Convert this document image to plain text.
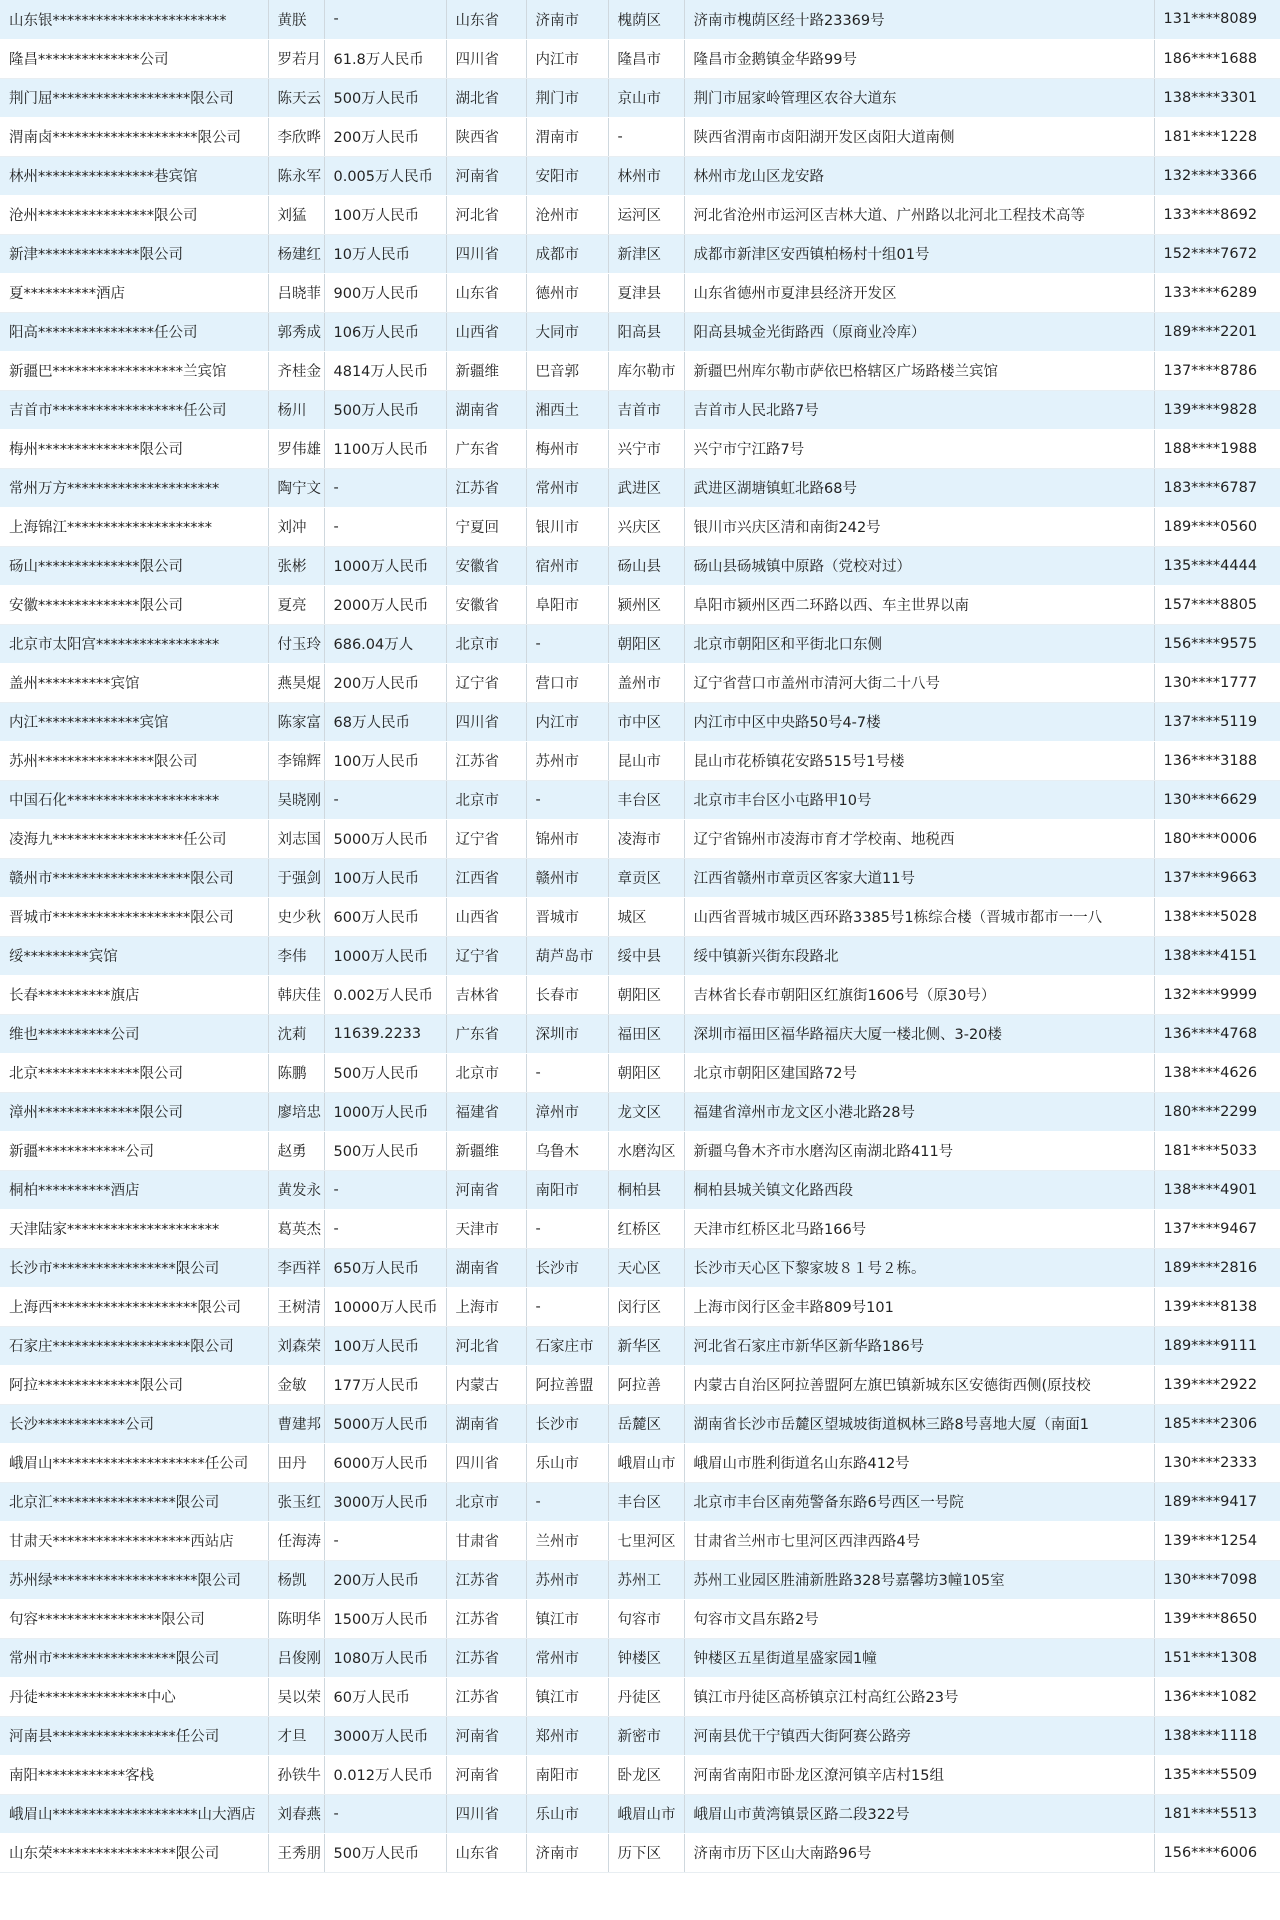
山东银************************	黄朕	-	山东省	济南市	槐荫区	济南市槐荫区经十路23369号	131****8089
隆昌**************公司	罗若月	61.8万人民币	四川省	内江市	隆昌市	隆昌市金鹅镇金华路99号	186****1688
荆门屈*******************限公司	陈天云	500万人民币	湖北省	荆门市	京山市	荆门市屈家岭管理区农谷大道东	138****3301
渭南卤********************限公司	李欣晔	200万人民币	陕西省	渭南市	-	陕西省渭南市卤阳湖开发区卤阳大道南侧	181****1228
林州****************巷宾馆	陈永军	0.005万人民币	河南省	安阳市	林州市	林州市龙山区龙安路	132****3366
沧州****************限公司	刘猛	100万人民币	河北省	沧州市	运河区	河北省沧州市运河区吉林大道、广州路以北河北工程技术高等	133****8692
新津**************限公司	杨建红	10万人民币	四川省	成都市	新津区	成都市新津区安西镇柏杨村十组01号	152****7672
夏**********酒店	吕晓菲	900万人民币	山东省	德州市	夏津县	山东省德州市夏津县经济开发区	133****6289
阳高****************任公司	郭秀成	106万人民币	山西省	大同市	阳高县	阳高县城金光街路西（原商业冷库）	189****2201
新疆巴******************兰宾馆	齐桂金	4814万人民币	新疆维	巴音郭	库尔勒市	新疆巴州库尔勒市萨依巴格辖区广场路楼兰宾馆	137****8786
吉首市******************任公司	杨川	500万人民币	湖南省	湘西土	吉首市	吉首市人民北路7号	139****9828
梅州**************限公司	罗伟雄	1100万人民币	广东省	梅州市	兴宁市	兴宁市宁江路7号	188****1988
常州万方*********************	陶宁文	-	江苏省	常州市	武进区	武进区湖塘镇虹北路68号	183****6787
上海锦江********************	刘冲	-	宁夏回	银川市	兴庆区	银川市兴庆区清和南街242号	189****0560
砀山**************限公司	张彬	1000万人民币	安徽省	宿州市	砀山县	砀山县砀城镇中原路（党校对过）	135****4444
安徽**************限公司	夏亮	2000万人民币	安徽省	阜阳市	颍州区	阜阳市颍州区西二环路以西、车主世界以南	157****8805
北京市太阳宫*****************	付玉玲	686.04万人	北京市	-	朝阳区	北京市朝阳区和平街北口东侧	156****9575
盖州**********宾馆	燕昊焜	200万人民币	辽宁省	营口市	盖州市	辽宁省营口市盖州市清河大街二十八号	130****1777
内江**************宾馆	陈家富	68万人民币	四川省	内江市	市中区	内江市中区中央路50号4-7楼	137****5119
苏州****************限公司	李锦辉	100万人民币	江苏省	苏州市	昆山市	昆山市花桥镇花安路515号1号楼	136****3188
中国石化*********************	吴晓刚	-	北京市	-	丰台区	北京市丰台区小屯路甲10号	130****6629
凌海九******************任公司	刘志国	5000万人民币	辽宁省	锦州市	凌海市	辽宁省锦州市凌海市育才学校南、地税西	180****0006
赣州市*******************限公司	于强剑	100万人民币	江西省	赣州市	章贡区	江西省赣州市章贡区客家大道11号	137****9663
晋城市*******************限公司	史少秋	600万人民币	山西省	晋城市	城区	山西省晋城市城区西环路3385号1栋综合楼（晋城市都市一一八	138****5028
绥*********宾馆	李伟	1000万人民币	辽宁省	葫芦岛市	绥中县	绥中镇新兴街东段路北	138****4151
长春**********旗店	韩庆佳	0.002万人民币	吉林省	长春市	朝阳区	吉林省长春市朝阳区红旗街1606号（原30号）	132****9999
维也**********公司	沈莉	11639.2233	广东省	深圳市	福田区	深圳市福田区福华路福庆大厦一楼北侧、3-20楼	136****4768
北京**************限公司	陈鹏	500万人民币	北京市	-	朝阳区	北京市朝阳区建国路72号	138****4626
漳州**************限公司	廖培忠	1000万人民币	福建省	漳州市	龙文区	福建省漳州市龙文区小港北路28号	180****2299
新疆************公司	赵勇	500万人民币	新疆维	乌鲁木	水磨沟区	新疆乌鲁木齐市水磨沟区南湖北路411号	181****5033
桐柏**********酒店	黄发永	-	河南省	南阳市	桐柏县	桐柏县城关镇文化路西段	138****4901
天津陆家*********************	葛英杰	-	天津市	-	红桥区	天津市红桥区北马路166号	137****9467
长沙市*****************限公司	李西祥	650万人民币	湖南省	长沙市	天心区	长沙市天心区下黎家坡８１号２栋。	189****2816
上海西********************限公司	王树清	10000万人民币	上海市	-	闵行区	上海市闵行区金丰路809号101	139****8138
石家庄*******************限公司	刘森荣	100万人民币	河北省	石家庄市	新华区	河北省石家庄市新华区新华路186号	189****9111
阿拉**************限公司	金敏	177万人民币	内蒙古	阿拉善盟	阿拉善	内蒙古自治区阿拉善盟阿左旗巴镇新城东区安德街西侧(原技校	139****2922
长沙************公司	曹建邦	5000万人民币	湖南省	长沙市	岳麓区	湖南省长沙市岳麓区望城坡街道枫林三路8号喜地大厦（南面1	185****2306
峨眉山*********************任公司	田丹	6000万人民币	四川省	乐山市	峨眉山市	峨眉山市胜利街道名山东路412号	130****2333
北京汇*****************限公司	张玉红	3000万人民币	北京市	-	丰台区	北京市丰台区南苑警备东路6号西区一号院	189****9417
甘肃天*******************西站店	任海涛	-	甘肃省	兰州市	七里河区	甘肃省兰州市七里河区西津西路4号	139****1254
苏州绿********************限公司	杨凯	200万人民币	江苏省	苏州市	苏州工	苏州工业园区胜浦新胜路328号嘉馨坊3幢105室	130****7098
句容*****************限公司	陈明华	1500万人民币	江苏省	镇江市	句容市	句容市文昌东路2号	139****8650
常州市*****************限公司	吕俊刚	1080万人民币	江苏省	常州市	钟楼区	钟楼区五星街道星盛家园1幢	151****1308
丹徒***************中心	吴以荣	60万人民币	江苏省	镇江市	丹徒区	镇江市丹徒区高桥镇京江村高红公路23号	136****1082
河南县*****************任公司	才旦	3000万人民币	河南省	郑州市	新密市	河南县优干宁镇西大街阿赛公路旁	138****1118
南阳************客栈	孙铁牛	0.012万人民币	河南省	南阳市	卧龙区	河南省南阳市卧龙区潦河镇辛店村15组	135****5509
峨眉山********************山大酒店	刘春燕	-	四川省	乐山市	峨眉山市	峨眉山市黄湾镇景区路二段322号	181****5513
山东荣*****************限公司	王秀朋	500万人民币	山东省	济南市	历下区	济南市历下区山大南路96号	156****6006
